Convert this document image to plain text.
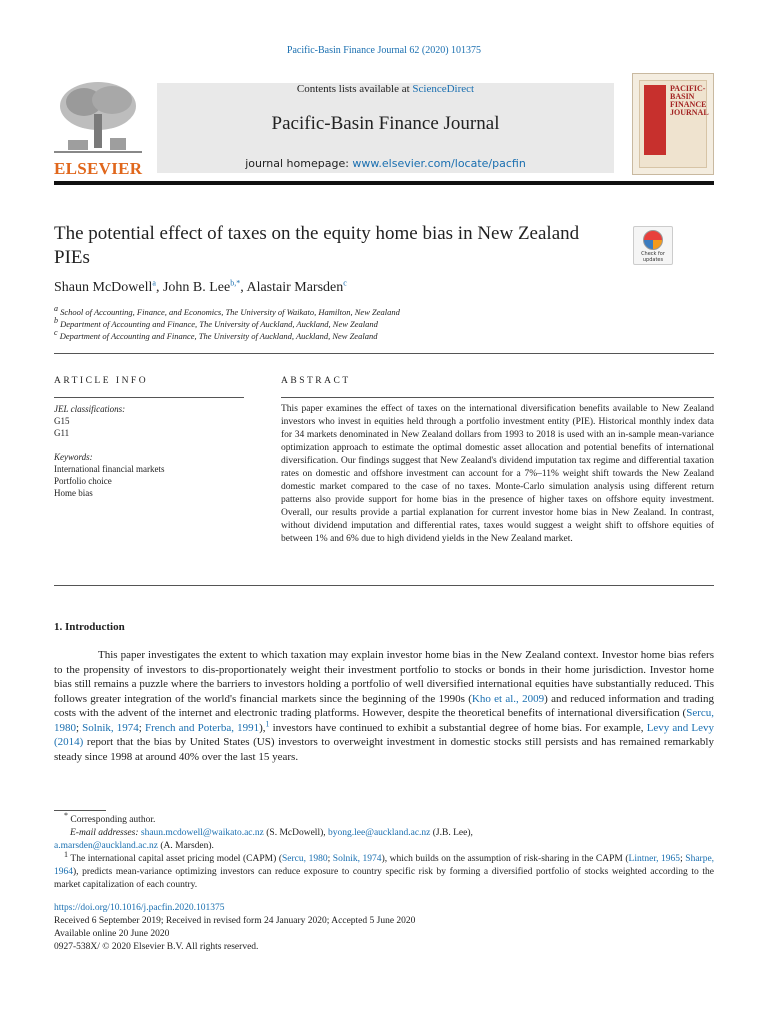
Pacific-Basin Finance Journal 62 (2020) 101375
ELSEVIER
Contents lists available at ScienceDirect
Pacific-Basin Finance Journal
journal homepage: www.elsevier.com/locate/pacfin
PACIFIC-
BASIN
FINANCE
JOURNAL
The potential effect of taxes on the equity home bias in New Zealand PIEs	Check for
updates
Shaun McDowell$^a$, John B. Lee$^{b,*}$, Alastair Marsden$^c$
$^a$ School of Accounting, Finance, and Economics, The University of Waikato, Hamilton, New Zealand
$^b$ Department of Accounting and Finance, The University of Auckland, Auckland, New Zealand
$^c$ Department of Accounting and Finance, The University of Auckland, Auckland, New Zealand
ARTICLE INFO
JEL classifications:
G15
G11
Keywords:
International financial markets
Portfolio choice
Home bias
ABSTRACT
This paper examines the effect of taxes on the international diversification benefits available to New Zealand investors who invest in equities held through a portfolio investment entity (PIE). Historical monthly index data for 34 markets denominated in New Zealand dollars from 1993 to 2018 is used with an in-sample mean-variance optimization approach to estimate the optimal domestic asset allocation and potential benefits of international diversification. Our findings suggest that New Zealand's dividend imputation tax regime and differential taxation rates on domestic and offshore investment can account for a 7%–11% weight shift towards the New Zealand domestic market compared to the case of no taxes. Monte-Carlo simulation analysis using different return patterns also provide support for home bias in the presence of higher taxes on offshore equity investment. Overall, our results provide a partial explanation for current investor home bias in New Zealand. In contrast, without dividend imputation and differential rates, taxes would suggest a weight shift to offshore equities of between 1% and 6% due to high dividend yields in the New Zealand market.
1. Introduction
This paper investigates the extent to which taxation may explain investor home bias in the New Zealand context. Investor home bias refers to the propensity of investors to dis-proportionately weight their investment portfolio to stocks or bonds in their home jurisdiction. Investor home bias still remains a puzzle where the barriers to investors holding a portfolio of well diversified international equities have substantially reduced. This follows greater integration of the world's financial markets since the beginning of the 1990s (Kho et al., 2009) and reduced information and trading costs with the advent of the internet and electronic trading platforms. However, despite the theoretical benefits of international diversification (Sercu, 1980; Solnik, 1974; French and Poterba, 1991),$^1$ investors have continued to exhibit a substantial degree of home bias. For example, Levy and Levy (2014) report that the bias by United States (US) investors to overweight investment in domestic stocks still persists and has remained remarkably steady since 1998 at around 40% over the last 15 years.
* Corresponding author.
E-mail addresses: shaun.mcdowell@waikato.ac.nz (S. McDowell), byong.lee@auckland.ac.nz (J.B. Lee),
a.marsden@auckland.ac.nz (A. Marsden).
$^1$ The international capital asset pricing model (CAPM) (Sercu, 1980; Solnik, 1974), which builds on the assumption of risk-sharing in the CAPM (Lintner, 1965; Sharpe, 1964), predicts mean-variance optimizing investors can reduce exposure to country specific risk by forming a diversified portfolio of stocks weighted according to the market capitalization of each country.
https://doi.org/10.1016/j.pacfin.2020.101375
Received 6 September 2019; Received in revised form 24 January 2020; Accepted 5 June 2020
Available online 20 June 2020
0927-538X/ © 2020 Elsevier B.V. All rights reserved.
